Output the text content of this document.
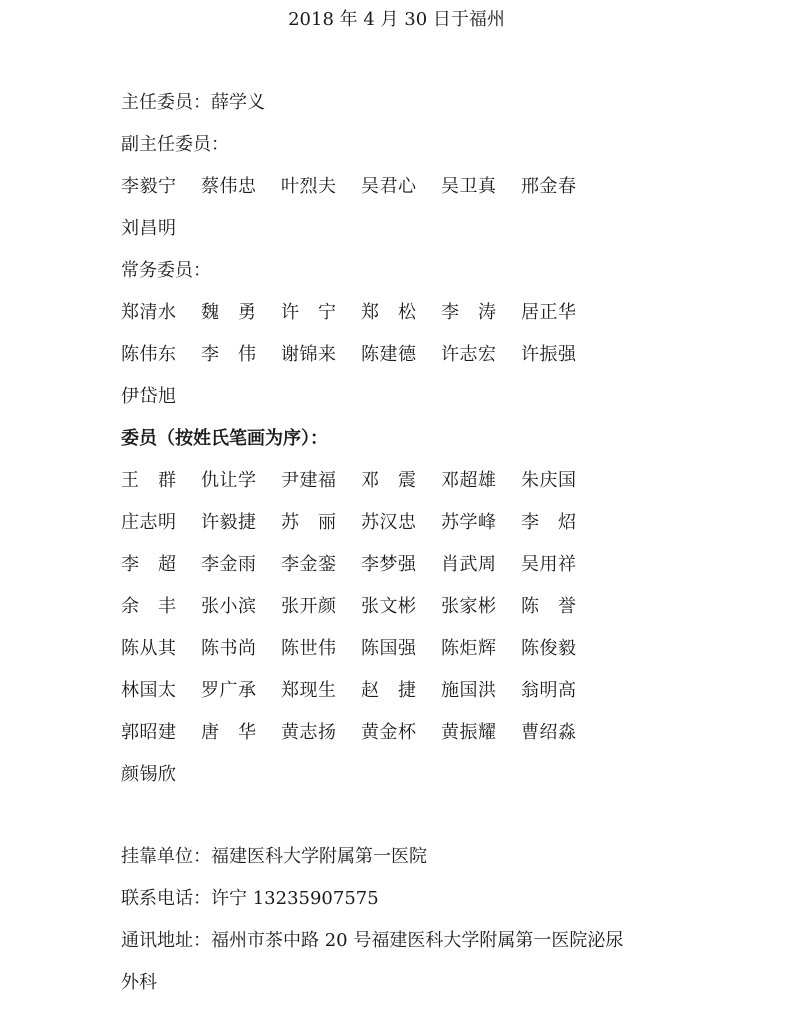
2018 年 4 月 30 日于福州
主任委员：薛学义
副主任委员：
李毅宁	蔡伟忠	叶烈夫	吴君心	吴卫真	邢金春
刘昌明
常务委员：
郑清水	魏　勇	许　宁	郑　松	李　涛	居正华
陈伟东	李　伟	谢锦来	陈建德	许志宏	许振强
伊岱旭
委员（按姓氏笔画为序）：
王　群	仇让学	尹建福	邓　震	邓超雄	朱庆国
庄志明	许毅捷	苏　丽	苏汉忠	苏学峰	李　炤
李　超	李金雨	李金銮	李梦强	肖武周	吴用祥
余　丰	张小滨	张开颜	张文彬	张家彬	陈　誉
陈从其	陈书尚	陈世伟	陈国强	陈炬辉	陈俊毅
林国太	罗广承	郑现生	赵　捷	施国洪	翁明高
郭昭建	唐　华	黄志扬	黄金杯	黄振耀	曹绍淼
颜锡欣
挂靠单位：福建医科大学附属第一医院
联系电话：许宁 13235907575
通讯地址：福州市茶中路 20 号福建医科大学附属第一医院泌尿
外科
